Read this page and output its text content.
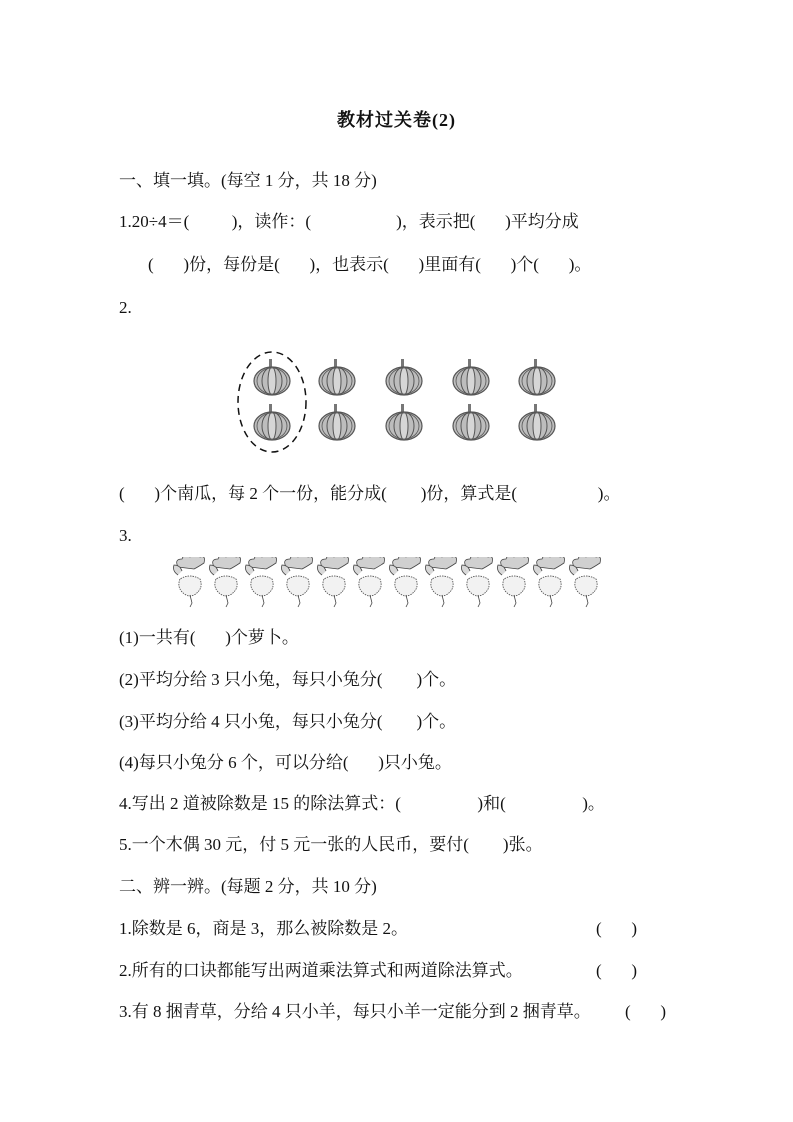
教材过关卷(2)
一、填一填。(每空 1 分，共 18 分)
1.20÷4＝(          )，读作：(                    )，表示把(       )平均分成
(       )份，每份是(       )，也表示(       )里面有(       )个(       )。
2.
(       )个南瓜，每 2 个一份，能分成(        )份，算式是(                   )。
3.
(1)一共有(       )个萝卜。
(2)平均分给 3 只小兔，每只小兔分(        )个。
(3)平均分给 4 只小兔，每只小兔分(        )个。
(4)每只小兔分 6 个，可以分给(       )只小兔。
4.写出 2 道被除数是 15 的除法算式：(                  )和(                  )。
5.一个木偶 30 元，付 5 元一张的人民币，要付(        )张。
二、辨一辨。(每题 2 分，共 10 分)
1.除数是 6，商是 3，那么被除数是 2。	(       )
2.所有的口诀都能写出两道乘法算式和两道除法算式。	(       )
3.有 8 捆青草，分给 4 只小羊，每只小羊一定能分到 2 捆青草。 (       )
